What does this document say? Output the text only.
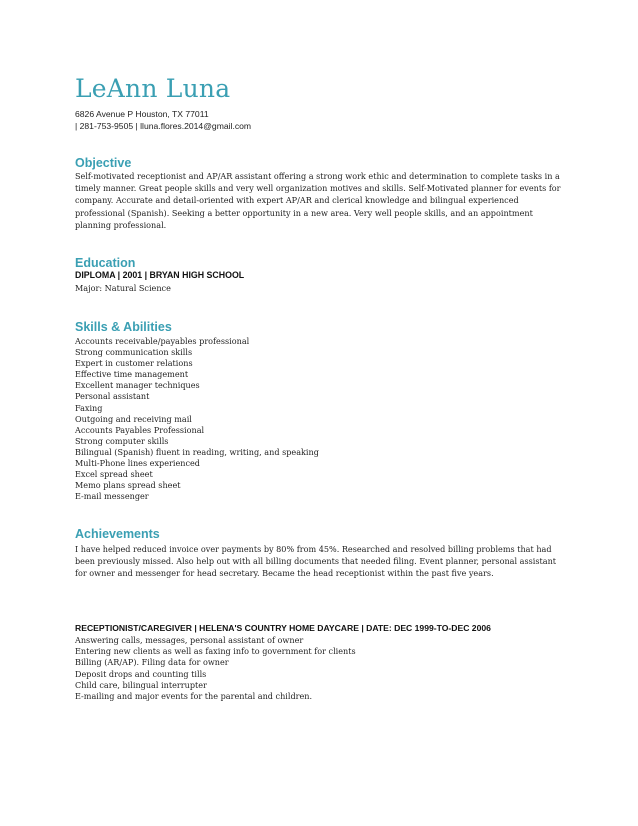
LeAnn Luna
6826 Avenue P Houston, TX 77011
| 281-753-9505 | lluna.flores.2014@gmail.com
Objective
Self-motivated receptionist and AP/AR assistant offering a strong work ethic and determination to complete tasks in a timely manner. Great people skills and very well organization motives and skills. Self-Motivated planner for events for company. Accurate and detail-oriented with expert AP/AR and clerical knowledge and bilingual experienced professional (Spanish). Seeking a better opportunity in a new area. Very well people skills, and an appointment planning professional.
Education
DIPLOMA | 2001 | BRYAN HIGH SCHOOL
Major: Natural Science
Skills & Abilities
Accounts receivable/payables professional
Strong communication skills
Expert in customer relations
Effective time management
Excellent manager techniques
Personal assistant
Faxing
Outgoing and receiving mail
Accounts Payables Professional
Strong computer skills
Bilingual (Spanish) fluent in reading, writing, and speaking
Multi-Phone lines experienced
Excel spread sheet
Memo plans spread sheet
E-mail messenger
Achievements
I have helped reduced invoice over payments by 80% from 45%. Researched and resolved billing problems that had been previously missed. Also help out with all billing documents that needed filing. Event planner, personal assistant for owner and messenger for head secretary. Became the head receptionist within the past five years.
RECEPTIONIST/CAREGIVER | HELENA'S COUNTRY HOME DAYCARE | DATE: DEC 1999-TO-DEC 2006
Answering calls, messages, personal assistant of owner
Entering new clients as well as faxing info to government for clients
Billing (AR/AP). Filing data for owner
Deposit drops and counting tills
Child care, bilingual interrupter
E-mailing and major events for the parental and children.
